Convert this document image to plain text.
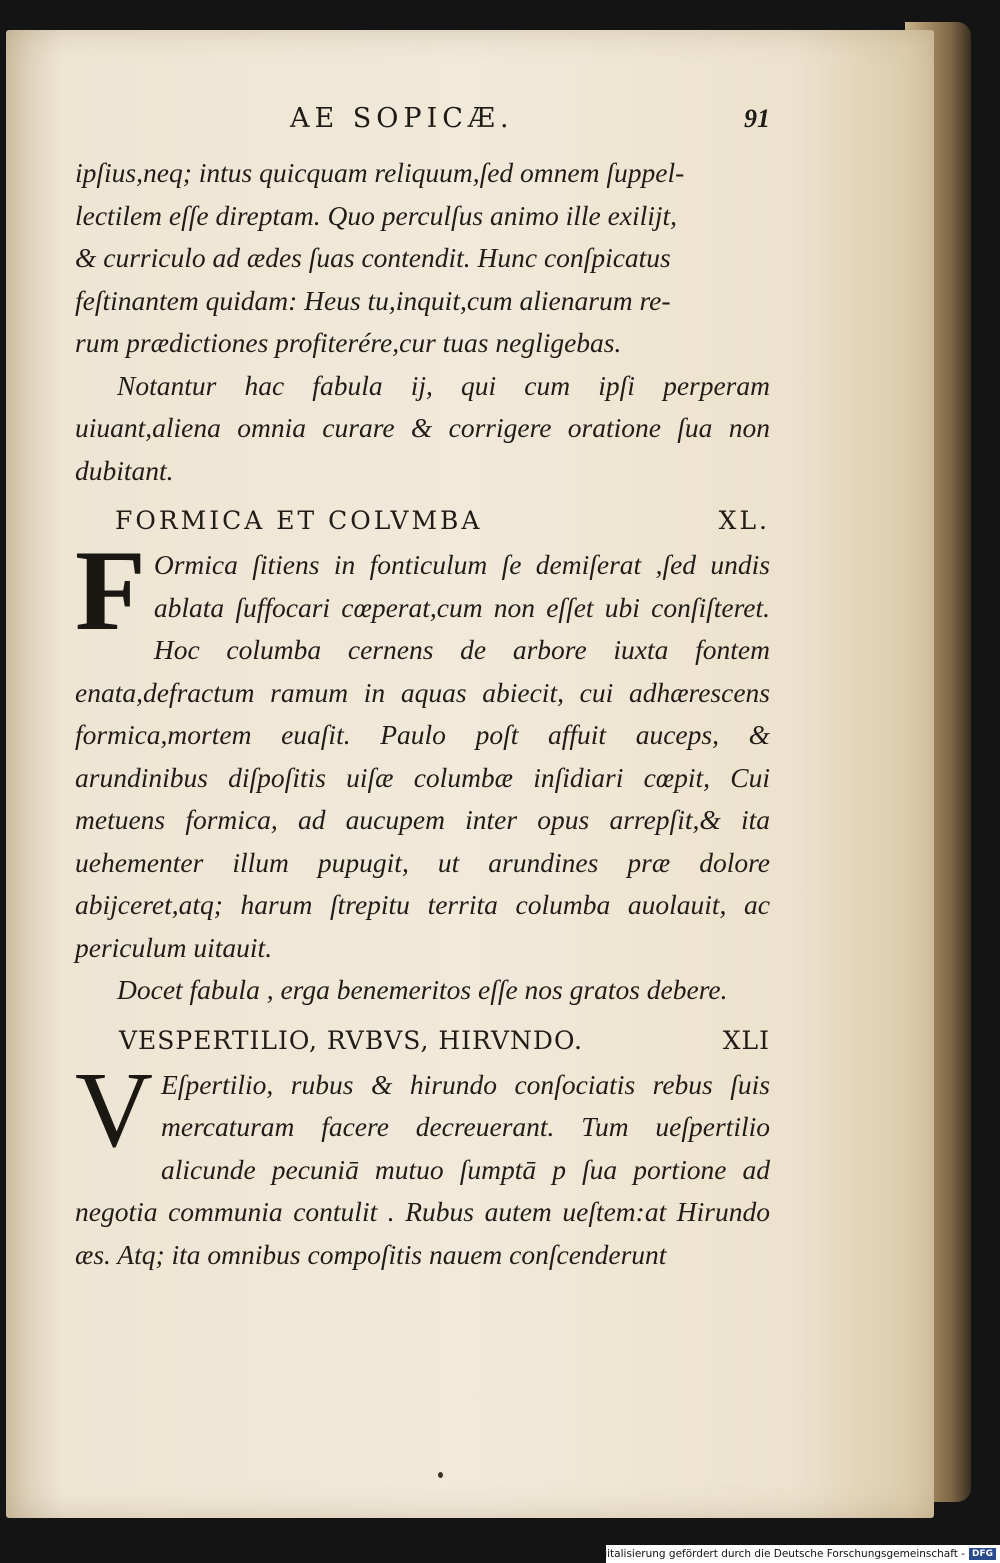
AE SOPICÆ.	91

ipſius,neq; intus quicquam reliquum,ſed omnem ſuppel-

lectilem eſſe direptam. Quo perculſus animo ille exilijt,

& curriculo ad ædes ſuas contendit. Hunc conſpicatus

feſtinantem quidam: Heus tu,inquit,cum alienarum re-

rum prædictiones profiterére,cur tuas negligebas.

Notantur hac fabula ij, qui cum ipſi perperam uiuant,aliena omnia curare & corrigere oratione ſua non dubitant.

FORMICA ET COLVMBA	XL.
F Ormica ſitiens in fonticulum ſe demiſerat ,ſed undis ablata ſuffocari cœperat,cum non eſſet ubi conſiſteret. Hoc columba cernens de arbore iuxta fontem enata,defractum ramum in aquas abiecit, cui adhærescens formica,mortem euaſit. Paulo poſt affuit auceps, & arundinibus diſpoſitis uiſæ columbæ inſidiari cœpit, Cui metuens formica, ad aucupem inter opus arrepſit,& ita uehementer illum pupugit, ut arundines præ dolore abijceret,atq; harum ſtrepitu territa columba auolauit, ac periculum uitauit.

Docet fabula , erga benemeritos eſſe nos gratos debere.

VESPERTILIO, RVBVS, HIRVNDO.	XLI
V Eſpertilio, rubus & hirundo conſociatis rebus ſuis mercaturam facere decreuerant. Tum ueſpertilio alicunde pecuniā mutuo ſumptā p ſua portione ad negotia communia contulit . Rubus autem ueſtem:at Hirundo æs. Atq; ita omnibus compoſitis nauem conſcenderunt

Digitalisierung gefördert durch die Deutsche Forschungsgemeinschaft - DFG
